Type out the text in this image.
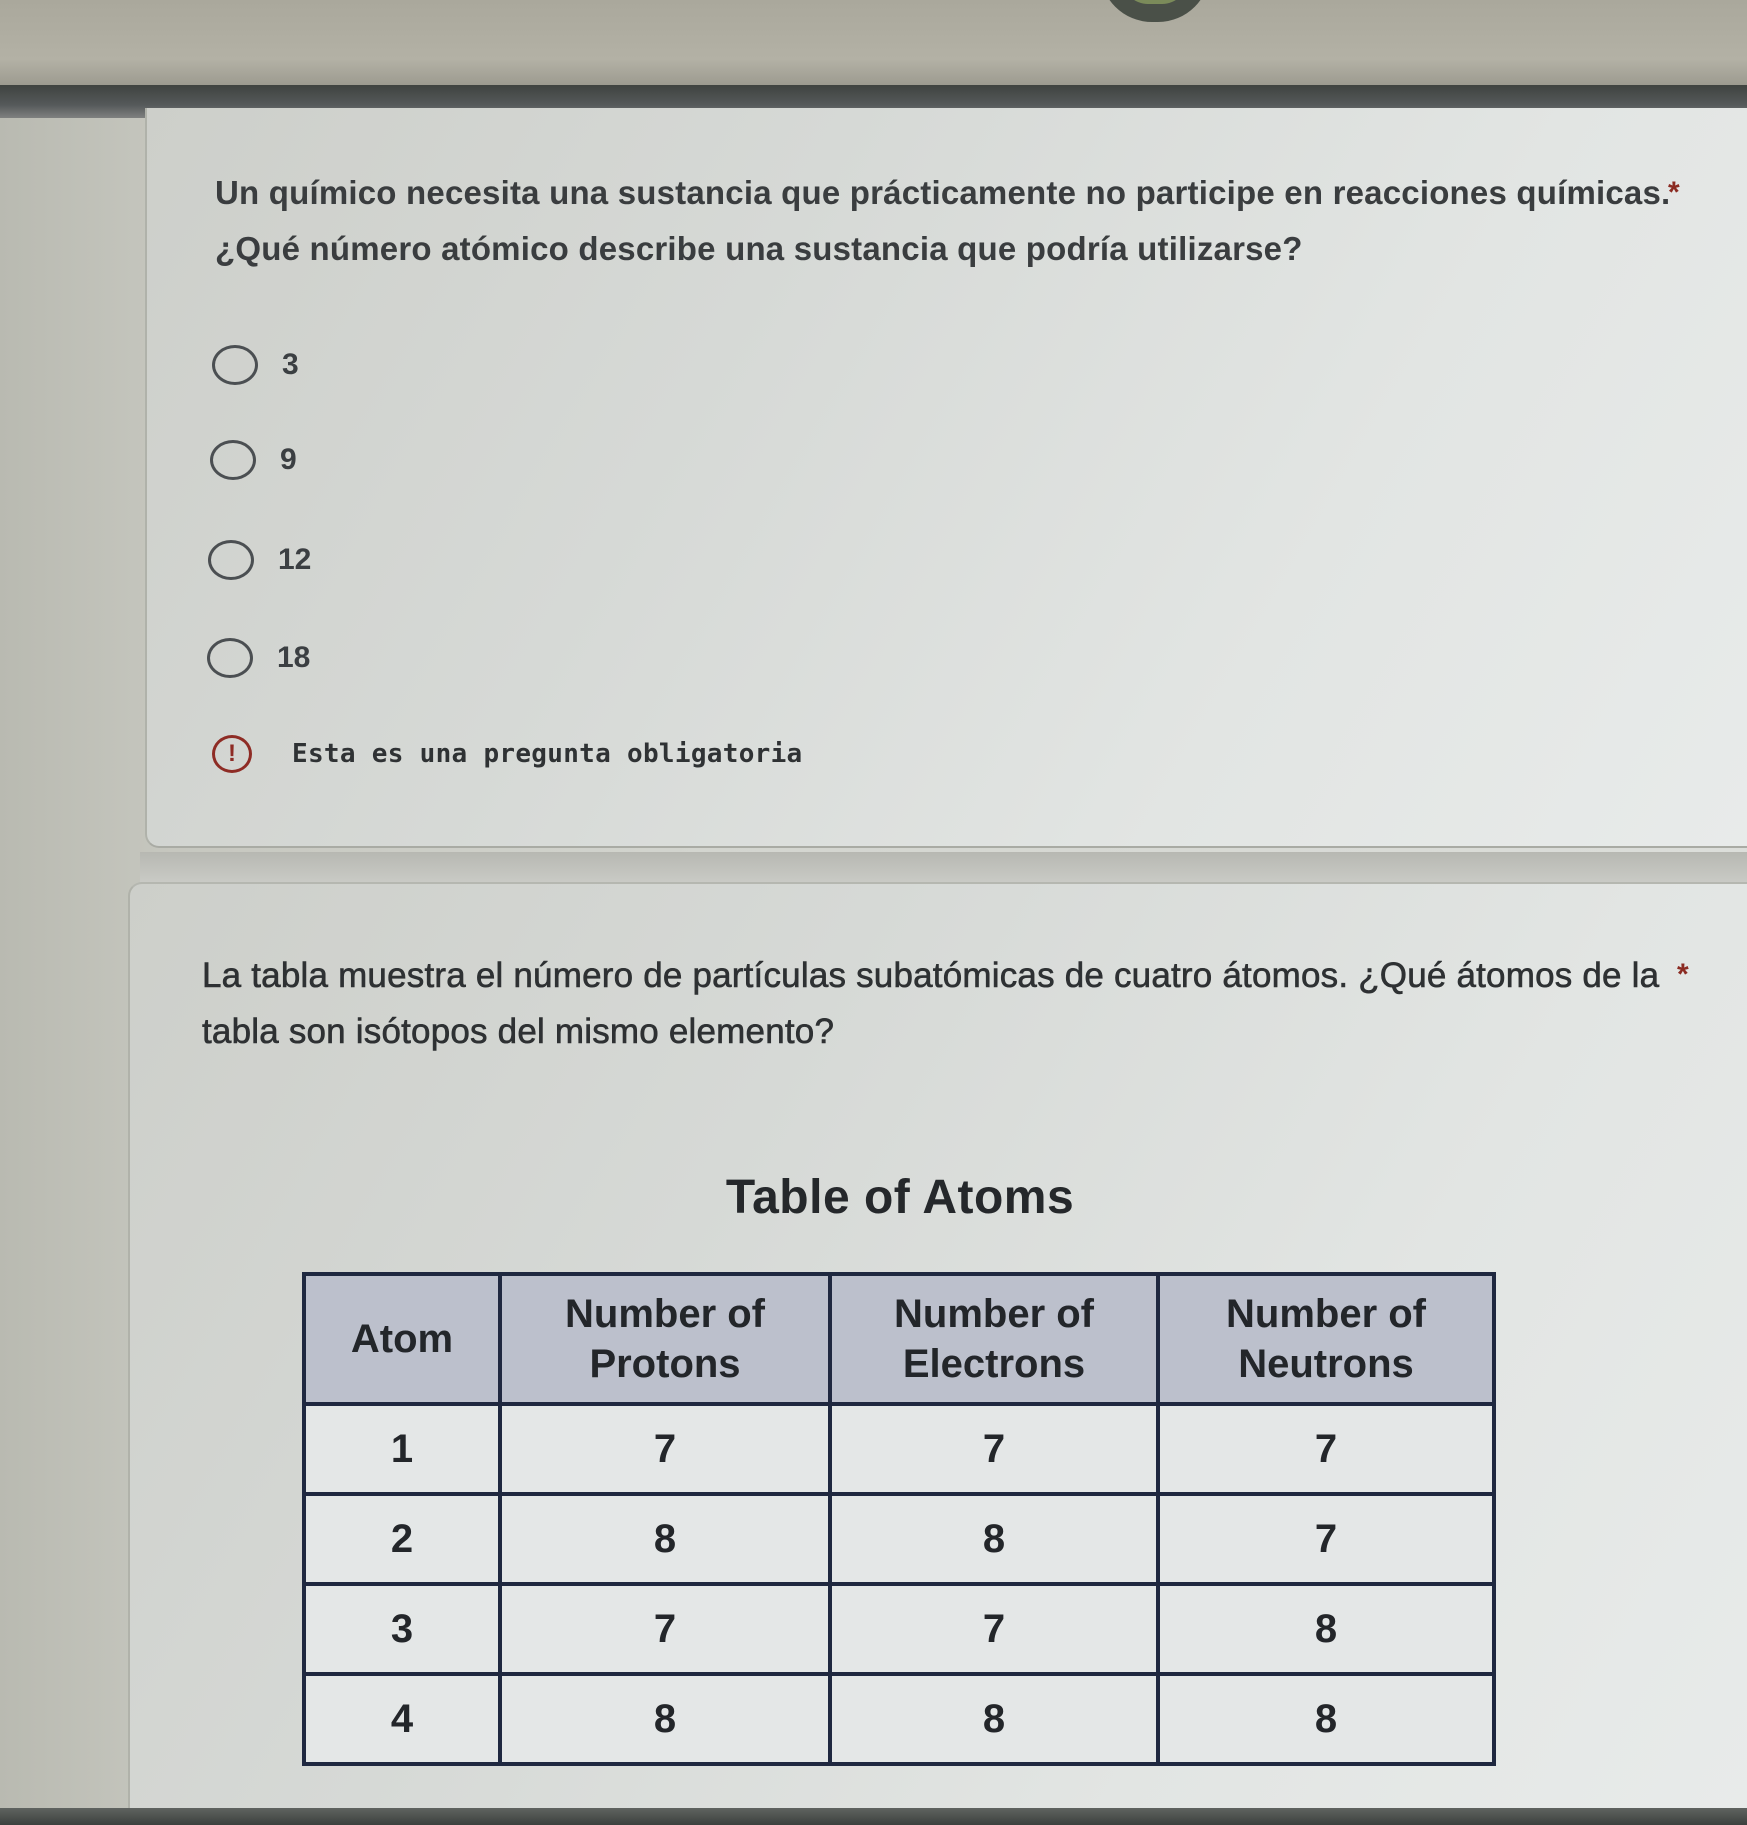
Un químico necesita una sustancia que prácticamente no participe en reacciones químicas. ¿Qué número atómico describe una sustancia que podría utilizarse?
*
3
9
12
18
!	Esta es una pregunta obligatoria
La tabla muestra el número de partículas subatómicas de cuatro átomos. ¿Qué átomos de la tabla son isótopos del mismo elemento?
*
Table of Atoms
Atom	Number of Protons	Number of Electrons	Number of Neutrons
1	7	7	7
2	8	8	7
3	7	7	8
4	8	8	8
